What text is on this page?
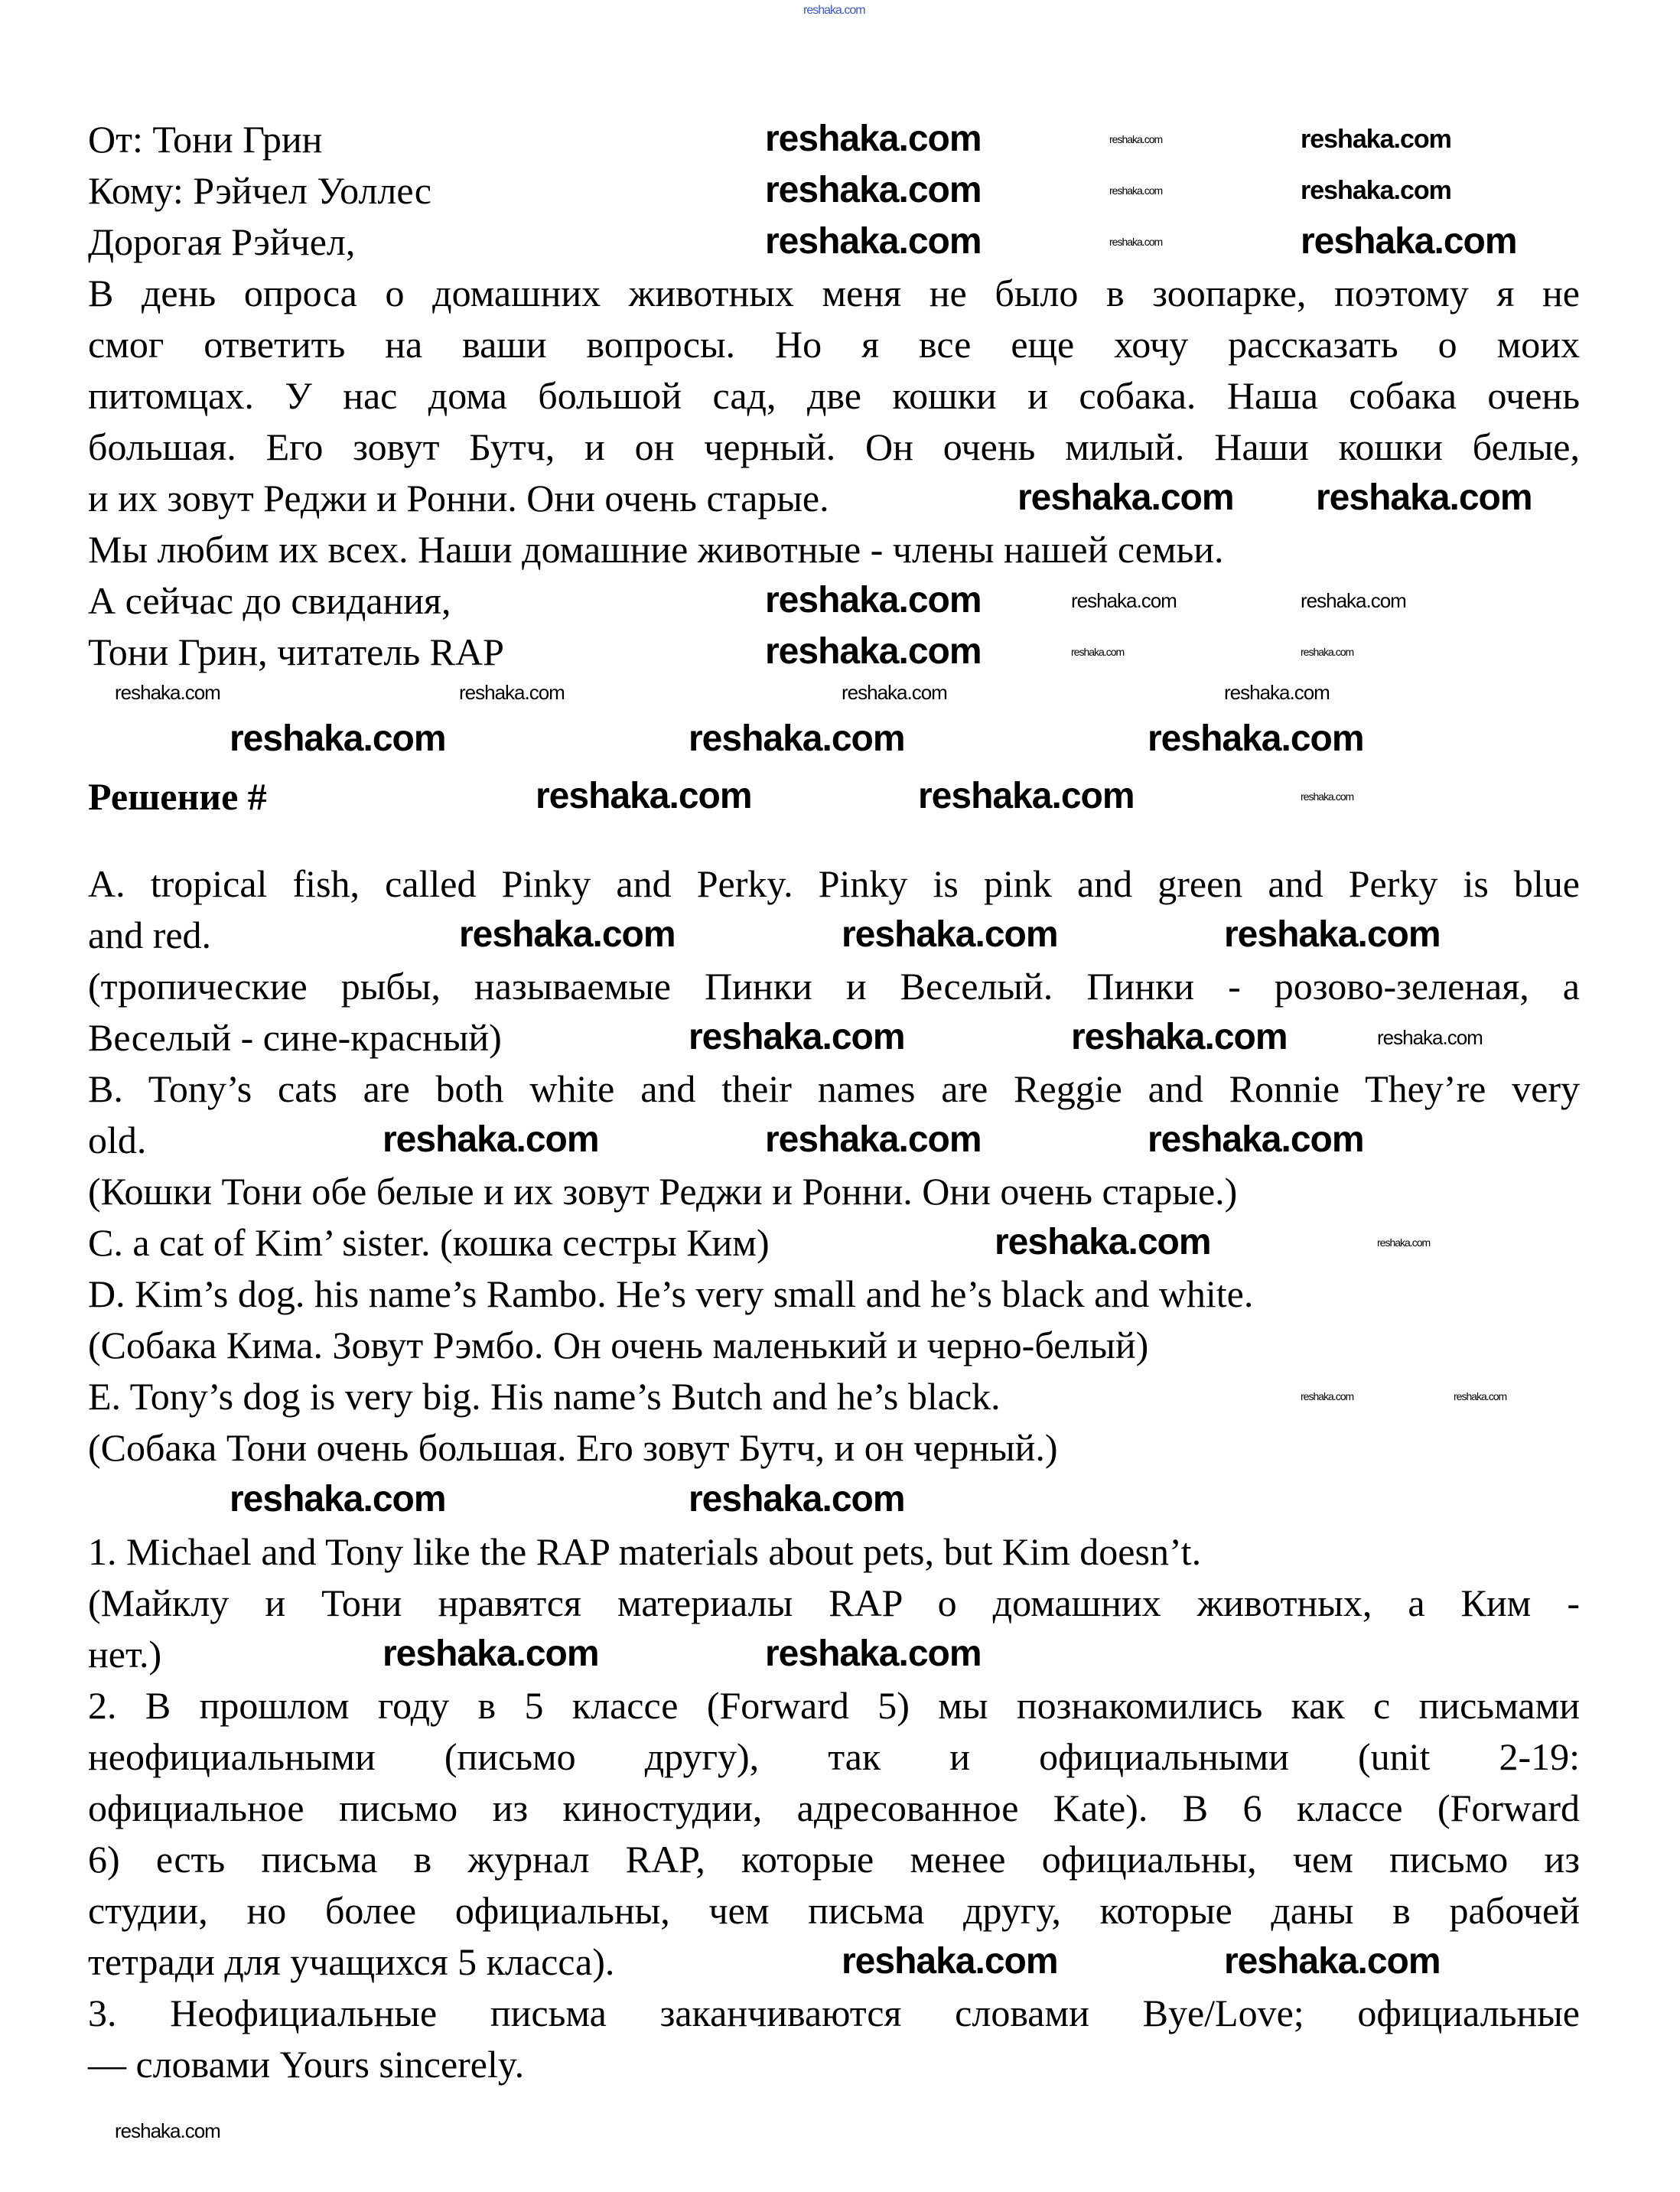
reshaka.com
От: Тони Грин
Кому: Рэйчел Уоллес
Дорогая Рэйчел,
В день опроса о домашних животных меня не было в зоопарке, поэтому я не
смог ответить на ваши вопросы. Но я все еще хочу рассказать о моих
питомцах. У нас дома большой сад, две кошки и собака. Наша собака очень
большая. Его зовут Бутч, и он черный. Он очень милый. Наши кошки белые,
и их зовут Реджи и Ронни. Они очень старые.
Мы любим их всех. Наши домашние животные - члены нашей семьи.
А сейчас до свидания,
Тони Грин, читатель RAP
Решение #
A. tropical fish, called Pinky and Perky. Pinky is pink and green and Perky is blue
and red.
(тропические рыбы, называемые Пинки и Веселый. Пинки - розово-зеленая, а
Веселый - сине-красный)
B. Tony’s cats are both white and their names are Reggie and Ronnie They’re very
old.
(Кошки Тони обе белые и их зовут Реджи и Ронни. Они очень старые.)
C. a cat of Kim’ sister. (кошка сестры Ким)
D. Kim’s dog. his name’s Rambo. He’s very small and he’s black and white.
(Собака Кима. Зовут Рэмбо. Он очень маленький и черно-белый)
E. Tony’s dog is very big. His name’s Butch and he’s black.
(Собака Тони очень большая. Его зовут Бутч, и он черный.)
1. Michael and Tony like the RAP materials about pets, but Kim doesn’t.
(Майклу и Тони нравятся материалы RAP о домашних животных, а Ким -
нет.)
2. В прошлом году в 5 классе (Forward 5) мы познакомились как с письмами
неофициальными (письмо другу), так и официальными (unit 2-19:
официальное письмо из киностудии, адресованное Kate). В 6 классе (Forward
6) есть письма в журнал RAP, которые менее официальны, чем письмо из
студии, но более официальны, чем письма другу, которые даны в рабочей
тетради для учащихся 5 класса).
3. Неофициальные письма заканчиваются словами Bye/Love; официальные
— словами Yours sincerely.
reshaka.com	reshaka.com	reshaka.com
reshaka.com	reshaka.com	reshaka.com
reshaka.com	reshaka.com	reshaka.com
reshaka.com reshaka.com
reshaka.com	reshaka.com	reshaka.com
reshaka.com	reshaka.com	reshaka.com
reshaka.com	reshaka.com	reshaka.com	reshaka.com
reshaka.com	reshaka.com	reshaka.com
reshaka.com	reshaka.com	reshaka.com
reshaka.com	reshaka.com	reshaka.com
reshaka.com	reshaka.com	reshaka.com
reshaka.com	reshaka.com	reshaka.com
reshaka.com	reshaka.com
reshaka.com	reshaka.com
reshaka.com	reshaka.com
reshaka.com	reshaka.com
reshaka.com	reshaka.com
reshaka.com
